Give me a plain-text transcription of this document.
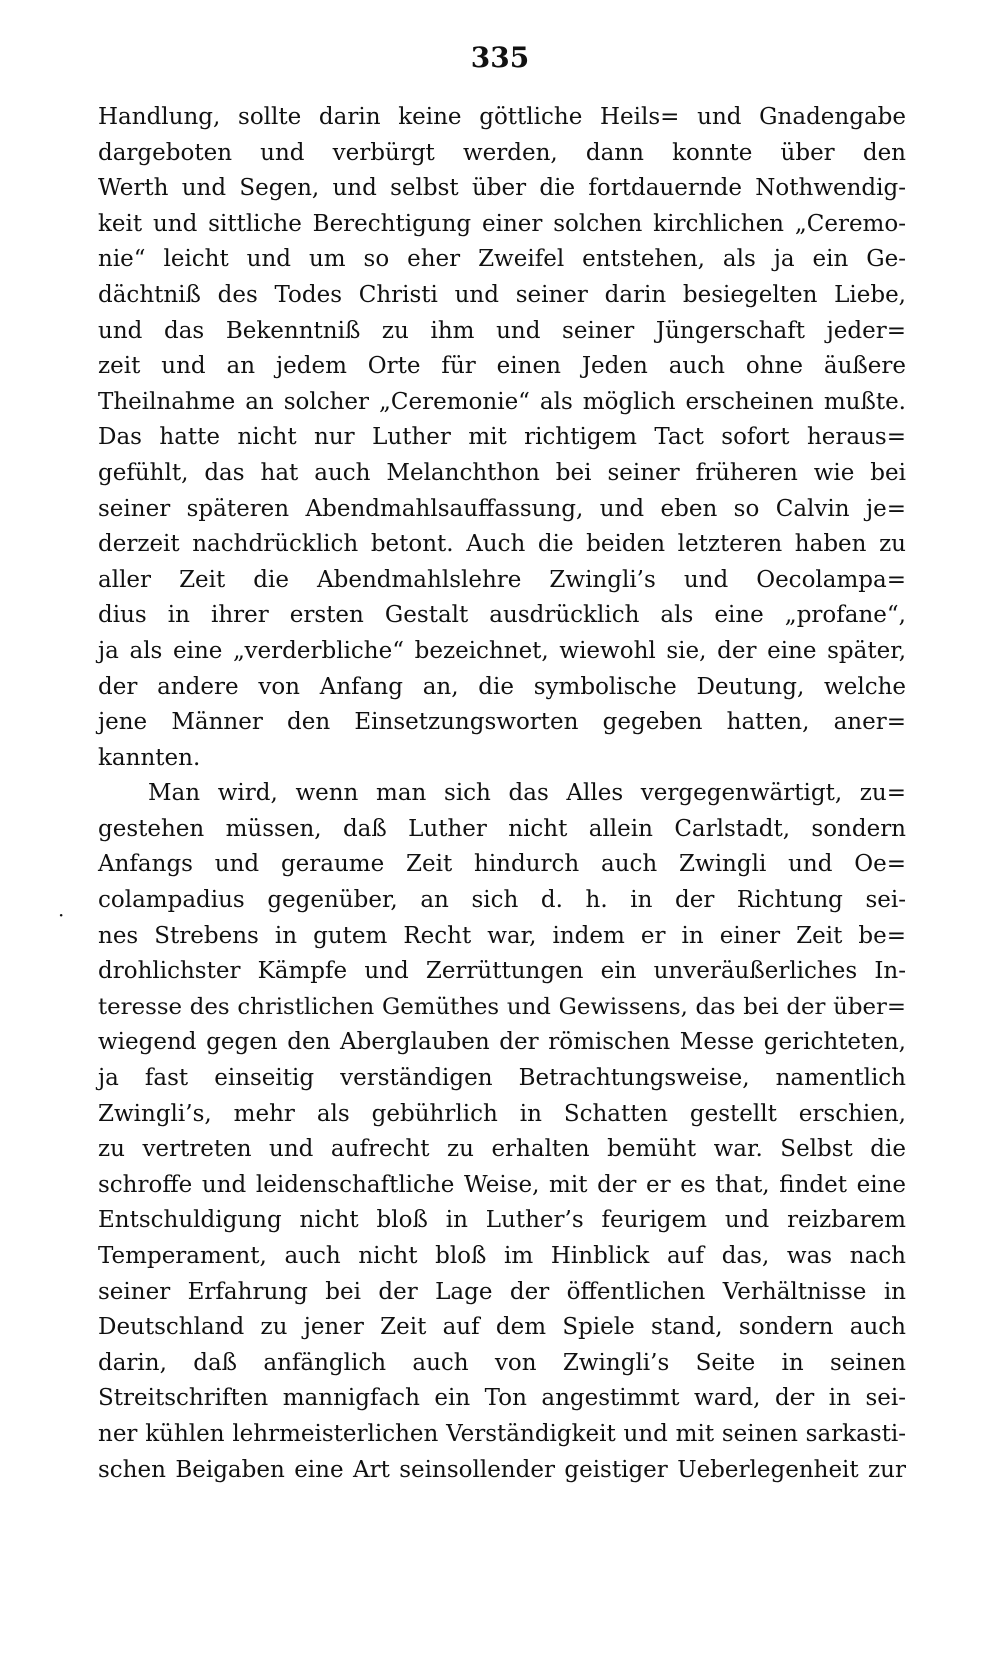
335
·
Handlung, sollte darin keine göttliche Heils= und Gnadengabe
dargeboten und verbürgt werden, dann konnte über den
Werth und Segen, und selbst über die fortdauernde Nothwendig-
keit und sittliche Berechtigung einer solchen kirchlichen „Ceremo-
nie“ leicht und um so eher Zweifel entstehen, als ja ein Ge-
dächtniß des Todes Christi und seiner darin besiegelten Liebe,
und das Bekenntniß zu ihm und seiner Jüngerschaft jeder=
zeit und an jedem Orte für einen Jeden auch ohne äußere
Theilnahme an solcher „Ceremonie“ als möglich erscheinen mußte.
Das hatte nicht nur Luther mit richtigem Tact sofort heraus=
gefühlt, das hat auch Melanchthon bei seiner früheren wie bei
seiner späteren Abendmahlsauffassung, und eben so Calvin je=
derzeit nachdrücklich betont. Auch die beiden letzteren haben zu
aller Zeit die Abendmahlslehre Zwingli’s und Oecolampa=
dius in ihrer ersten Gestalt ausdrücklich als eine „profane“,
ja als eine „verderbliche“ bezeichnet, wiewohl sie, der eine später,
der andere von Anfang an, die symbolische Deutung, welche
jene Männer den Einsetzungsworten gegeben hatten, aner=
kannten.
Man wird, wenn man sich das Alles vergegenwärtigt, zu=
gestehen müssen, daß Luther nicht allein Carlstadt, sondern
Anfangs und geraume Zeit hindurch auch Zwingli und Oe=
colampadius gegenüber, an sich d. h. in der Richtung sei-
nes Strebens in gutem Recht war, indem er in einer Zeit be=
drohlichster Kämpfe und Zerrüttungen ein unveräußerliches In-
teresse des christlichen Gemüthes und Gewissens, das bei der über=
wiegend gegen den Aberglauben der römischen Messe gerichteten,
ja fast einseitig verständigen Betrachtungsweise, namentlich
Zwingli’s, mehr als gebührlich in Schatten gestellt erschien,
zu vertreten und aufrecht zu erhalten bemüht war. Selbst die
schroffe und leidenschaftliche Weise, mit der er es that, findet eine
Entschuldigung nicht bloß in Luther’s feurigem und reizbarem
Temperament, auch nicht bloß im Hinblick auf das, was nach
seiner Erfahrung bei der Lage der öffentlichen Verhältnisse in
Deutschland zu jener Zeit auf dem Spiele stand, sondern auch
darin, daß anfänglich auch von Zwingli’s Seite in seinen
Streitschriften mannigfach ein Ton angestimmt ward, der in sei-
ner kühlen lehrmeisterlichen Verständigkeit und mit seinen sarkasti-
schen Beigaben eine Art seinsollender geistiger Ueberlegenheit zur
